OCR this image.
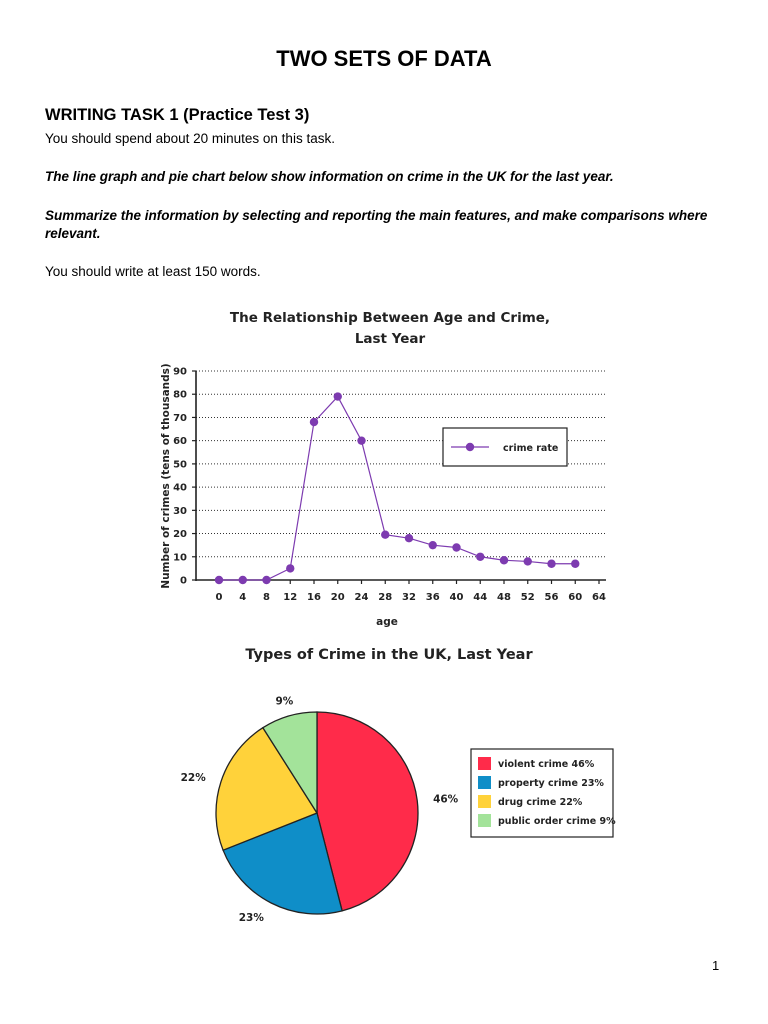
TWO SETS OF DATA
WRITING TASK 1 (Practice Test 3)
You should spend about 20 minutes on this task.
The line graph and pie chart below show information on crime in the UK for the last year.
Summarize the information by selecting and reporting the main features, and make comparisons where relevant.
You should write at least 150 words.
The Relationship Between Age and Crime,
Last Year
0
10
20
30
40
50
60
70
80
90
0 4 8 12 16 20 24 28 32 36 40 44 48 52 56 60 64
age
Number of crimes (tens of thousands)	crime rate
Types of Crime in the UK, Last Year
46%
23%
22%
9%
violent crime 46%
property crime 23%
drug crime 22%
public order crime 9%
1
